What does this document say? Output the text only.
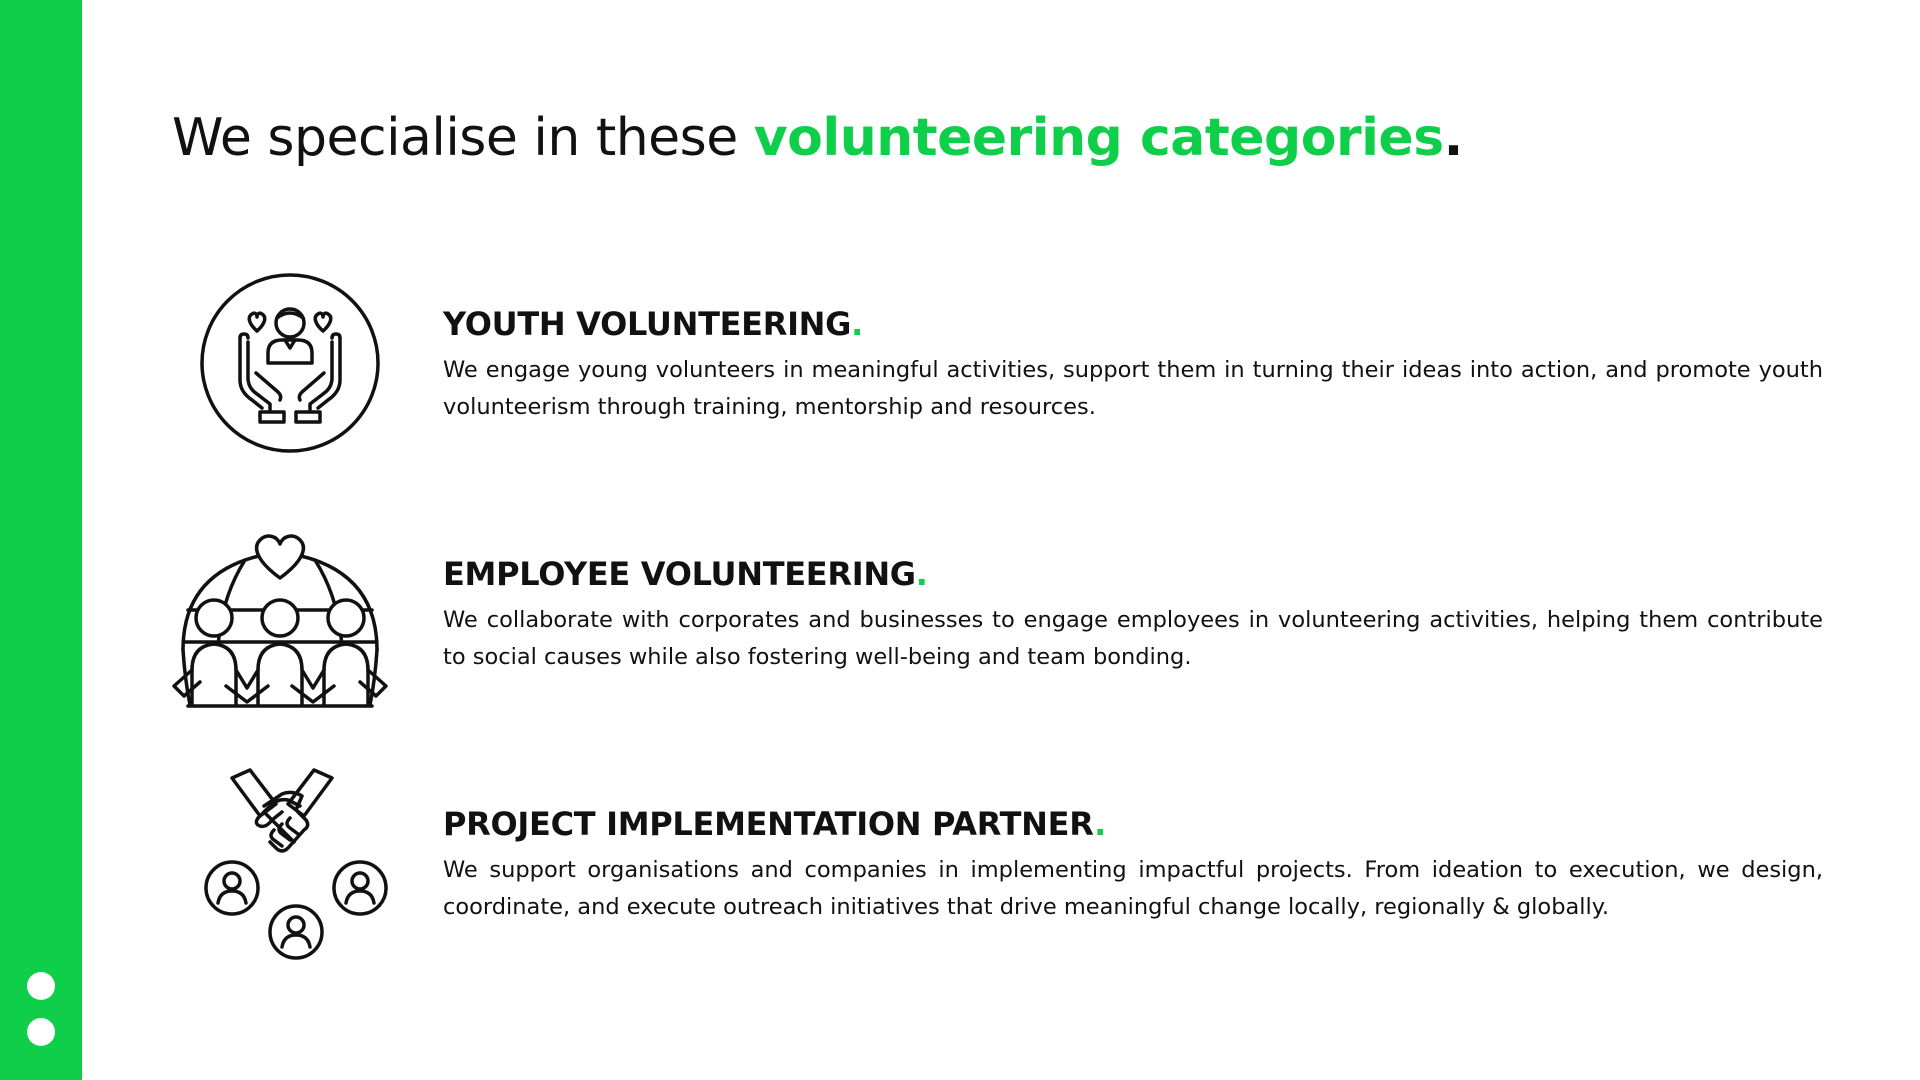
We specialise in these volunteering categories.
YOUTH VOLUNTEERING.

We engage young volunteers in meaningful activities, support them in turning their ideas into action, and promote youth volunteerism through training, mentorship and resources.

EMPLOYEE VOLUNTEERING.

We collaborate with corporates and businesses to engage employees in volunteering activities, helping them contribute to social causes while also fostering well-being and team bonding.

PROJECT IMPLEMENTATION PARTNER.

We support organisations and companies in implementing impactful projects. From ideation to execution, we design, coordinate, and execute outreach initiatives that drive meaningful change locally, regionally & globally.
